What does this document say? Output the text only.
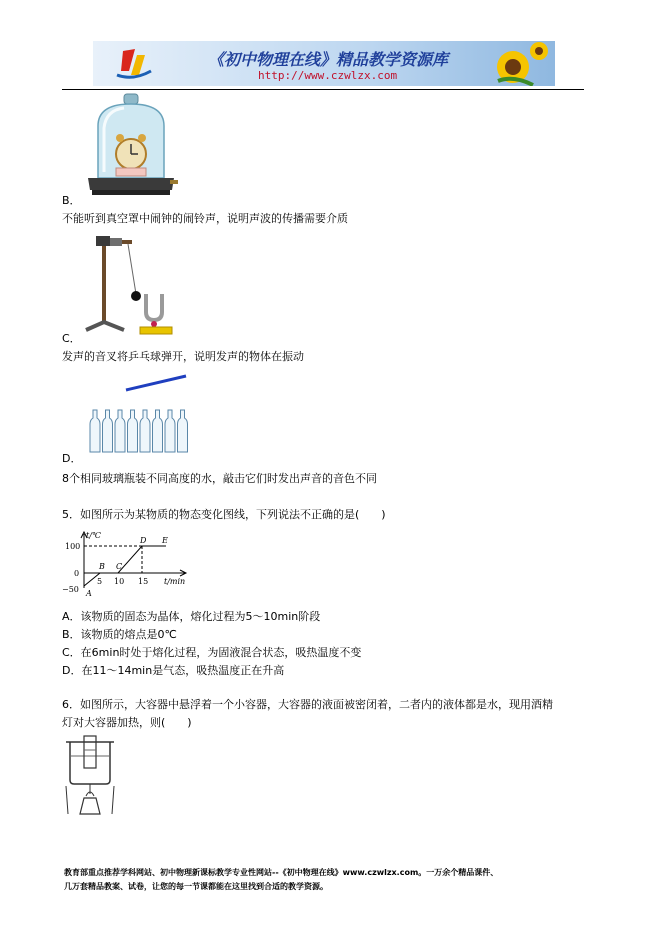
《初中物理在线》精品教学资源库
http://www.czwlzx.com
B．
不能听到真空罩中闹钟的闹铃声，说明声波的传播需要介质
C．
发声的音叉将乒乓球弹开，说明发声的物体在振动
D．
8个相同玻璃瓶装不同高度的水，敲击它们时发出声音的音色不同
5．如图所示为某物质的物态变化图线，下列说法不正确的是(　　)
t/℃
t/min
100
0
−50
5 10 15
A
B C
D E
A．该物质的固态为晶体，熔化过程为5～10min阶段
B．该物质的熔点是0℃
C．在6min时处于熔化过程，为固液混合状态，吸热温度不变
D．在11～14min是气态，吸热温度正在升高
6．如图所示，大容器中悬浮着一个小容器，大容器的液面被密闭着，二者内的液体都是水，现用酒精
灯对大容器加热，则(　　)
教育部重点推荐学科网站、初中物理新课标教学专业性网站--《初中物理在线》www.czwlzx.com。一万余个精品课件、
几万套精品教案、试卷，让您的每一节课都能在这里找到合适的教学资源。
